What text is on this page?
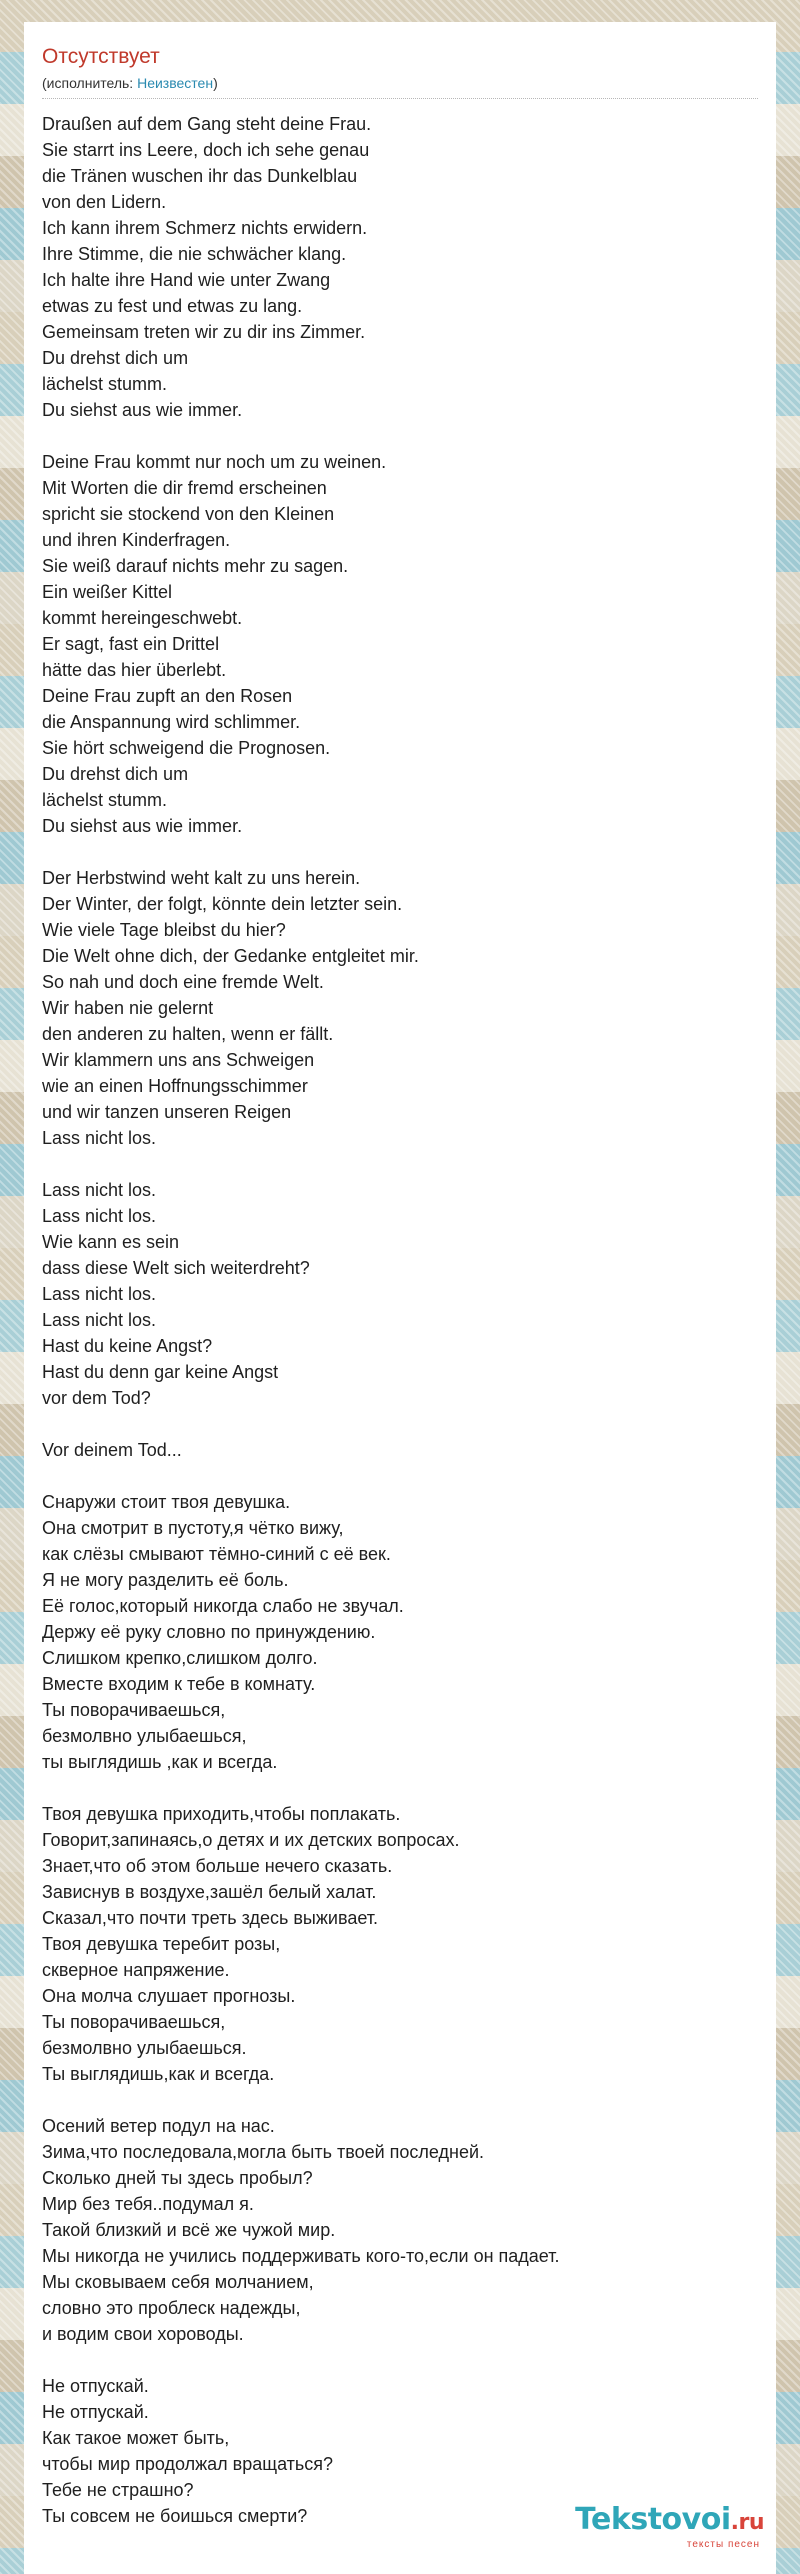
Отсутствует
(исполнитель: Неизвестен)
Draußen auf dem Gang steht deine Frau.
Sie starrt ins Leere, doch ich sehe genau
die Tränen wuschen ihr das Dunkelblau
von den Lidern.
Ich kann ihrem Schmerz nichts erwidern.
Ihre Stimme, die nie schwächer klang.
Ich halte ihre Hand wie unter Zwang
etwas zu fest und etwas zu lang.
Gemeinsam treten wir zu dir ins Zimmer.
Du drehst dich um
lächelst stumm.
Du siehst aus wie immer.
Deine Frau kommt nur noch um zu weinen.
Mit Worten die dir fremd erscheinen
spricht sie stockend von den Kleinen
und ihren Kinderfragen.
Sie weiß darauf nichts mehr zu sagen.
Ein weißer Kittel
kommt hereingeschwebt.
Er sagt, fast ein Drittel
hätte das hier überlebt.
Deine Frau zupft an den Rosen
die Anspannung wird schlimmer.
Sie hört schweigend die Prognosen.
Du drehst dich um
lächelst stumm.
Du siehst aus wie immer.
Der Herbstwind weht kalt zu uns herein.
Der Winter, der folgt, könnte dein letzter sein.
Wie viele Tage bleibst du hier?
Die Welt ohne dich, der Gedanke entgleitet mir.
So nah und doch eine fremde Welt.
Wir haben nie gelernt
den anderen zu halten, wenn er fällt.
Wir klammern uns ans Schweigen
wie an einen Hoffnungsschimmer
und wir tanzen unseren Reigen
Lass nicht los.
Lass nicht los.
Lass nicht los.
Wie kann es sein
dass diese Welt sich weiterdreht?
Lass nicht los.
Lass nicht los.
Hast du keine Angst?
Hast du denn gar keine Angst
vor dem Tod?
Vor deinem Tod...
Снаружи стоит твоя девушка.
Она смотрит в пустоту,я чётко вижу,
как слёзы смывают тёмно-синий с её век.
Я не могу разделить её боль.
Её голос,который никогда слабо не звучал.
Держу её руку словно по принуждению.
Слишком крепко,слишком долго.
Вместе входим к тебе в комнату.
Ты поворачиваешься,
безмолвно улыбаешься,
ты выглядишь ,как и всегда.
Твоя девушка приходить,чтобы поплакать.
Говорит,запинаясь,о детях и их детских вопросах.
Знает,что об этом больше нечего сказать.
Зависнув в воздухе,зашёл белый халат.
Сказал,что почти треть здесь выживает.
Твоя девушка теребит розы,
скверное напряжение.
Она молча слушает прогнозы.
Ты поворачиваешься,
безмолвно улыбаешься.
Ты выглядишь,как и всегда.
Осений ветер подул на нас.
Зима,что последовала,могла быть твоей последней.
Сколько дней ты здесь пробыл?
Мир без тебя..подумал я.
Такой близкий и всё же чужой мир.
Мы никогда не учились поддерживать кого-то,если он падает.
Мы сковываем себя молчанием,
словно это проблеск надежды,
и водим свои хороводы.
Не отпускай.
Не отпускай.
Как такое может быть,
чтобы мир продолжал вращаться?
Тебе не страшно?
Ты совсем не боишься смерти?	Tekstovoi.ru
тексты песен
